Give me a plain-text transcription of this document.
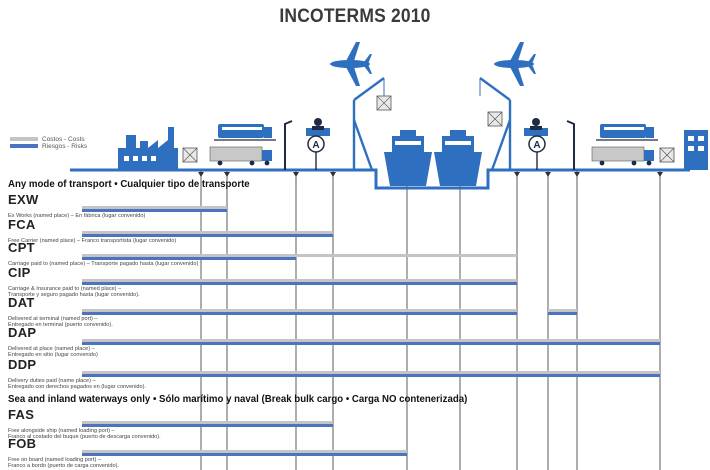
A	A
INCOTERMS 2010
Costos - Costs
Riesgos - Risks
Any mode of transport • Cualquier tipo de transporte
Sea and inland waterways only • Sólo marítimo y naval (Break bulk cargo • Carga NO contenerizada)
EXW
Ex Works (named place) – En fábrica (lugar convenido)
FCA
Free Carrier (named place) – Franco transportista (lugar convenido)
CPT
Carriage paid to (named place) – Transporte pagado hasta (lugar convenido)
CIP
Carriage & Insurance paid to (named place) –
Transporte y seguro pagado hasta (lugar convenido).
DAT
Delivered at terminal (named port) –
Entregado en terminal (puerto convenido).
DAP
Delivered at place (named place) –
Entregado en sitio (lugar convenido)
DDP
Delivery duties paid (name place) –
Entregado con derechos pagados en (lugar convenido).
FAS
Free alongside ship (named loading port) –
Franco al costado del buque (puerto de descarga convenido).
FOB
Free on board (named loading port) –
Franco a bordo (puerto de carga convenido).
